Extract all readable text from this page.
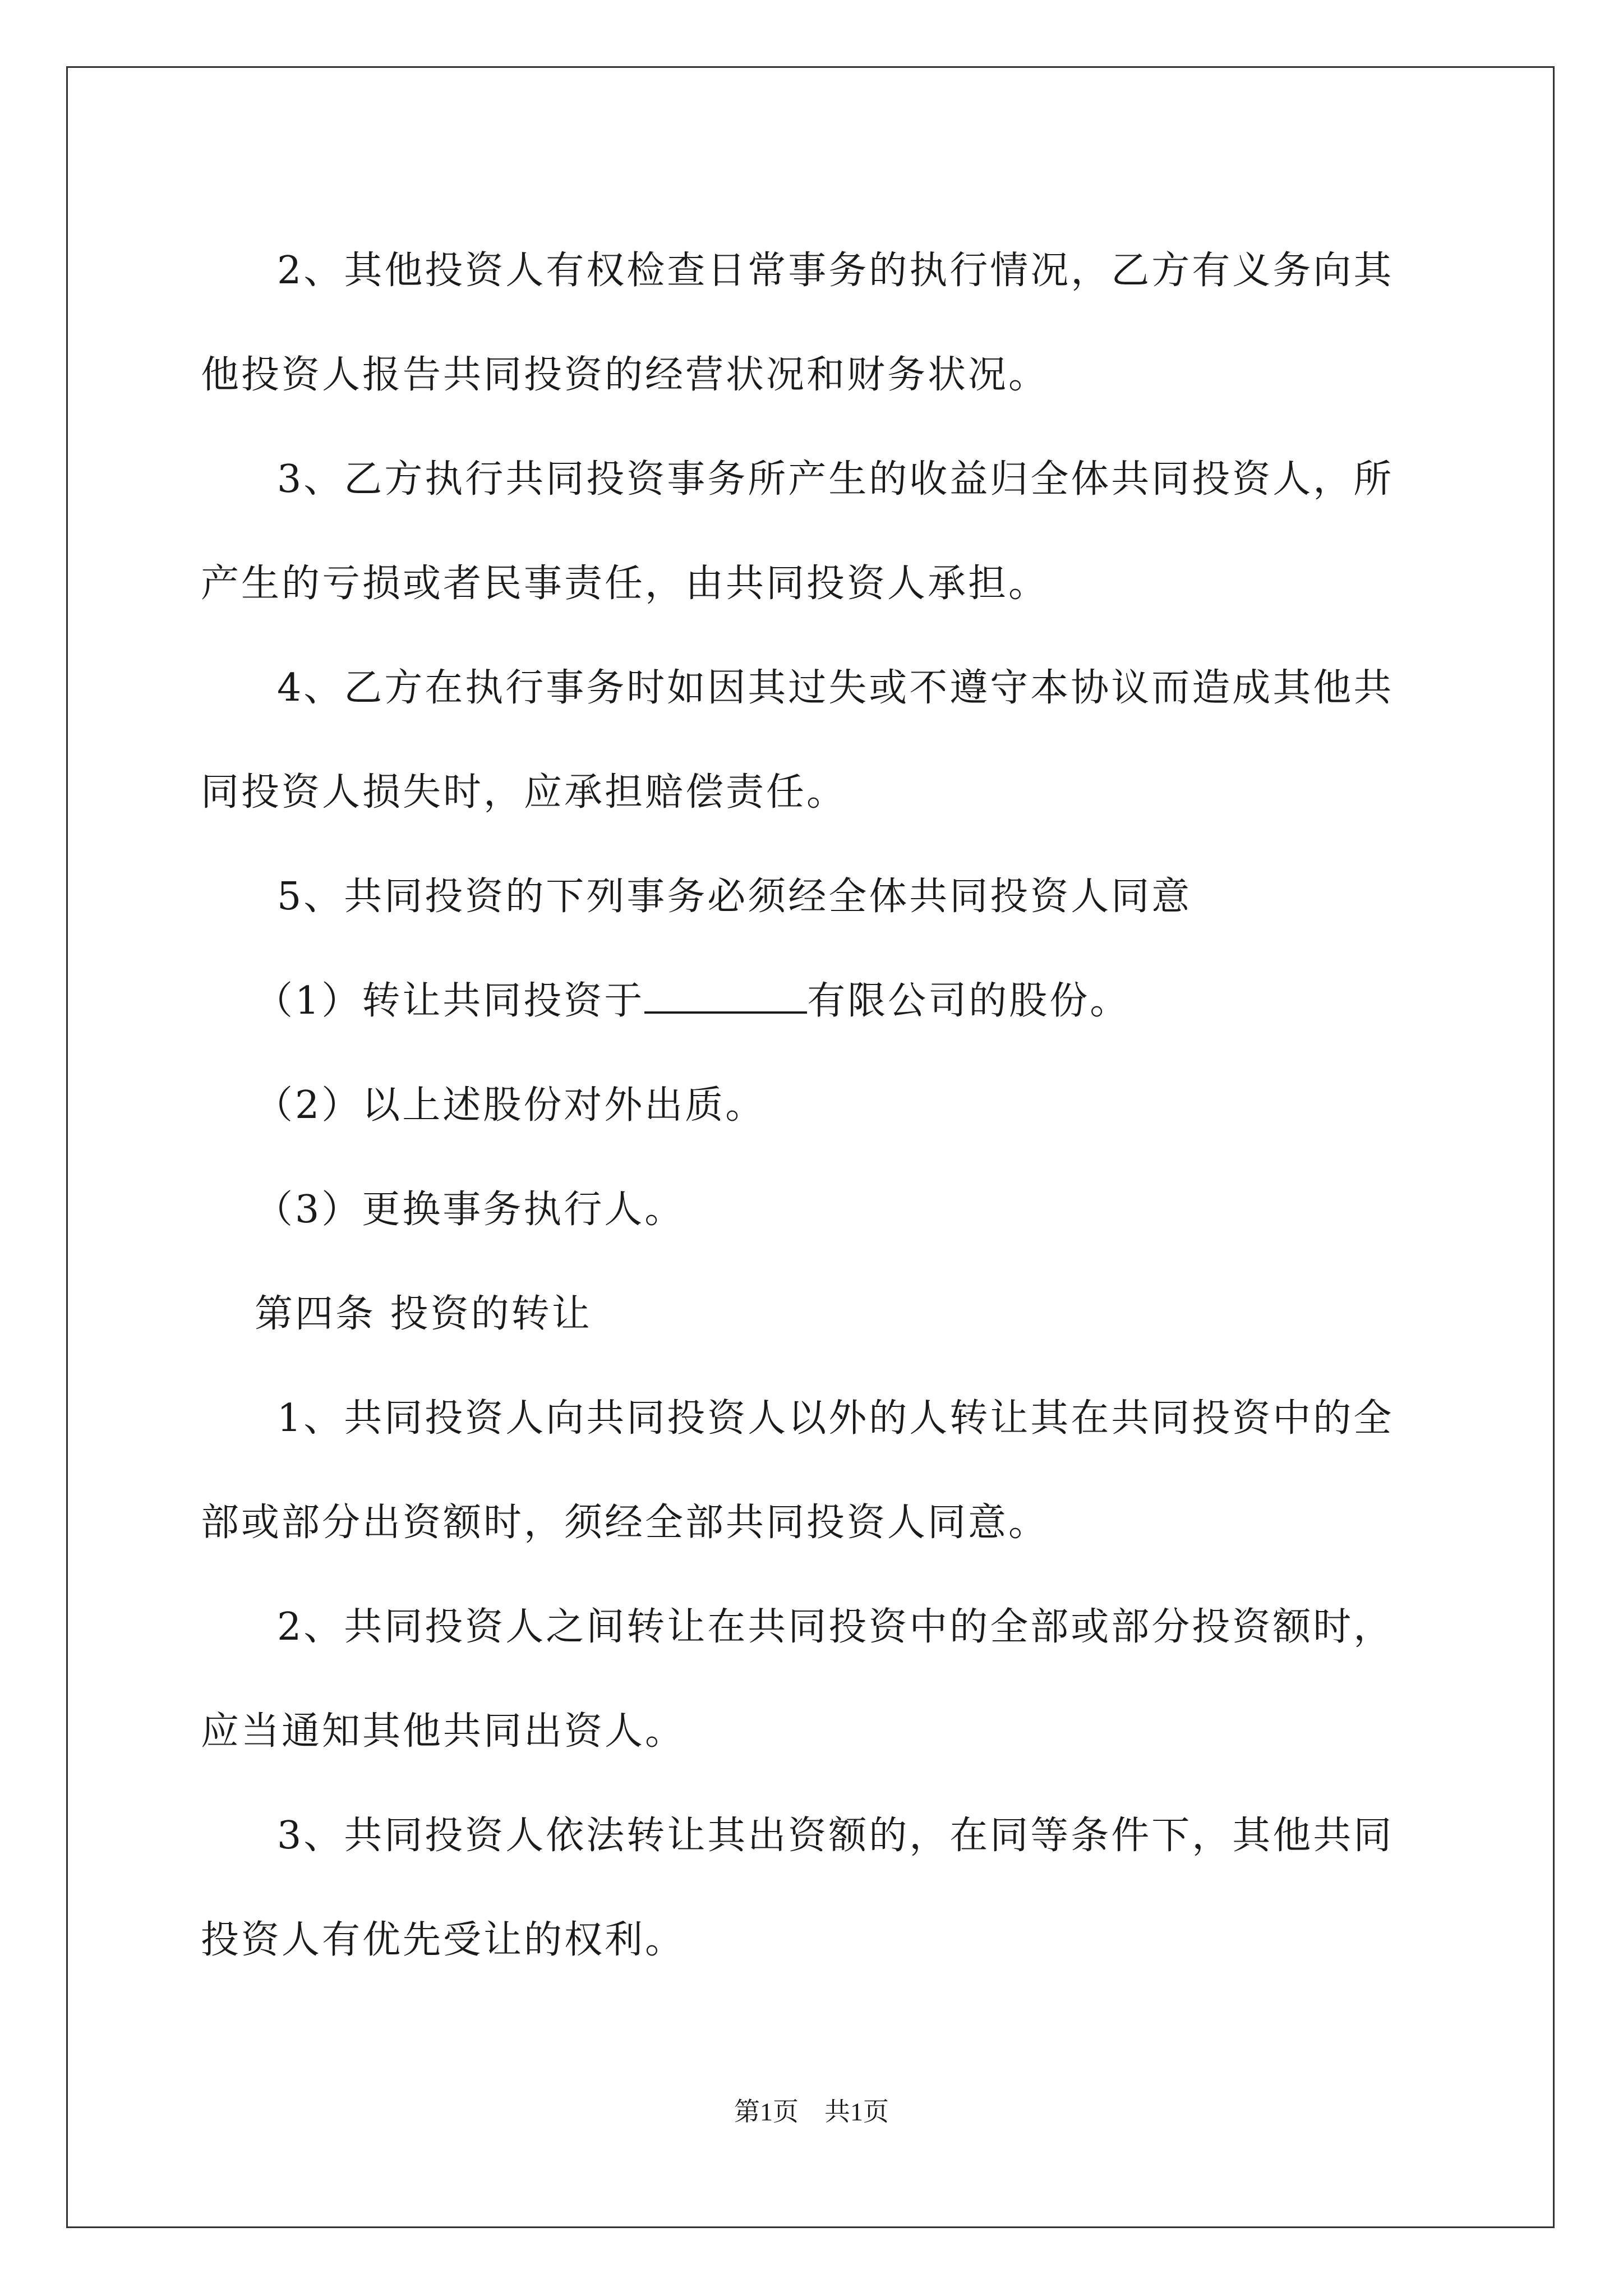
2、其他投资人有权检查日常事务的执行情况，乙方有义务向其他投资人报告共同投资的经营状况和财务状况。

3、乙方执行共同投资事务所产生的收益归全体共同投资人，所产生的亏损或者民事责任，由共同投资人承担。

4、乙方在执行事务时如因其过失或不遵守本协议而造成其他共同投资人损失时，应承担赔偿责任。

5、共同投资的下列事务必须经全体共同投资人同意

（1）转让共同投资于	有限公司的股份。

（2）以上述股份对外出质。

（3）更换事务执行人。

第四条 投资的转让

1、共同投资人向共同投资人以外的人转让其在共同投资中的全部或部分出资额时，须经全部共同投资人同意。

2、共同投资人之间转让在共同投资中的全部或部分投资额时，应当通知其他共同出资人。

3、共同投资人依法转让其出资额的，在同等条件下，其他共同投资人有优先受让的权利。

第1页 共1页
